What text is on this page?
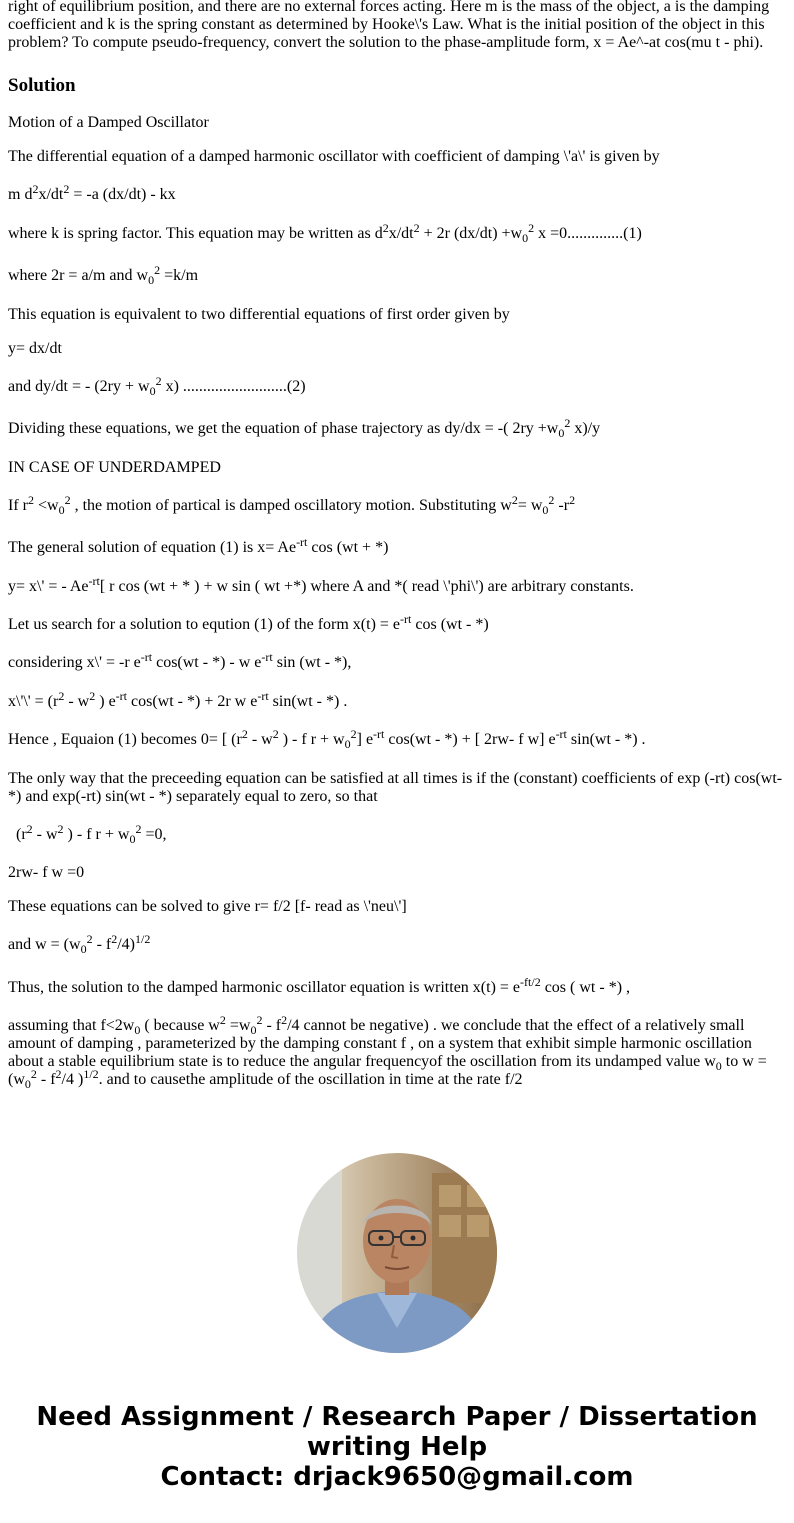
right of equilibrium position, and there are no external forces acting. Here m is the mass of the object, a is the damping coefficient and k is the spring constant as determined by Hooke\'s Law. What is the initial position of the object in this problem? To compute pseudo-frequency, convert the solution to the phase-amplitude form, x = Ae^-at cos(mu t - phi).

Solution

Motion of a Damped Oscillator

The differential equation of a damped harmonic oscillator with coefficient of damping \'a\' is given by

m $d^2x/dt^2 = -a$ (dx/dt) - kx

where k is spring factor. This equation may be written as $d^2x/dt^2 + 2r$ $(dx/dt) +w_0^2$ x =0..............(1)

where 2r = a/m and $w_0^2 =k/m$

This equation is equivalent to two differential equations of first order given by

y= dx/dt

and dy/dt = - ($2ry + w_0^2$ x) ..........................(2)

Dividing these equations, we get the equation of phase trajectory as dy/dx = -( $2ry +w_0^2$ x)/y

IN CASE OF UNDERDAMPED

If $r^2 <w_0^2$ , the motion of partical is damped oscillatory motion. Substituting $w^2= w_0^2$ $-r^2$

The general solution of equation (1) is $x= Ae^{-rt}$ cos (wt + *)

y= x\' = - $Ae^{-rt}$[ r cos (wt + * ) + w sin ( wt +*) where A and *( read \'phi\') are arbitrary constants.

Let us search for a solution to eqution (1) of the form $x(t) = e^{-rt}$ cos (wt - *)

considering x\' = -r $e^{-rt}$ cos(wt - *) - w $e^{-rt}$ sin (wt - *),

x\'\' = ($r^2 - w^2$ ) $e^{-rt}$ cos(wt - *) + 2r w $e^{-rt}$ sin(wt - *) .

Hence , Equaion (1) becomes 0= [ ($r^2 - w^2$ ) - f $r + w_0^2$] $e^{-rt}$ cos(wt - *) + [ 2rw- f w] $e^{-rt}$ sin(wt - *) .

The only way that the preceeding equation can be satisfied at all times is if the (constant) coefficients of exp (-rt) cos(wt- *) and exp(-rt) sin(wt - *) separately equal to zero, so that

($r^2 - w^2$ ) - f $r + w_0^2 =0$,

2rw- f w =0

These equations can be solved to give r= f/2 [f- read as \'neu\']

and $w = (w_0^2 - f^2/4)^{1/2}$

Thus, the solution to the damped harmonic oscillator equation is written $x(t) = e^{-ft/2}$ cos ( wt - *) ,

assuming that $f<2w_0$ ( because $w^2 =w_0^2 - f^2/4$ cannot be negative) . we conclude that the effect of a relatively small amount of damping , parameterized by the damping constant f , on a system that exhibit simple harmonic oscillation about a stable equilibrium state is to reduce the angular frequencyof the oscillation from its undamped value $w_0$ to $w = (w_0^2 - f^2/4$ )$^{1/2}$. and to causethe amplitude of the oscillation in time at the rate f/2

Need Assignment / Research Paper / Dissertation
writing Help
Contact: drjack9650@gmail.com
